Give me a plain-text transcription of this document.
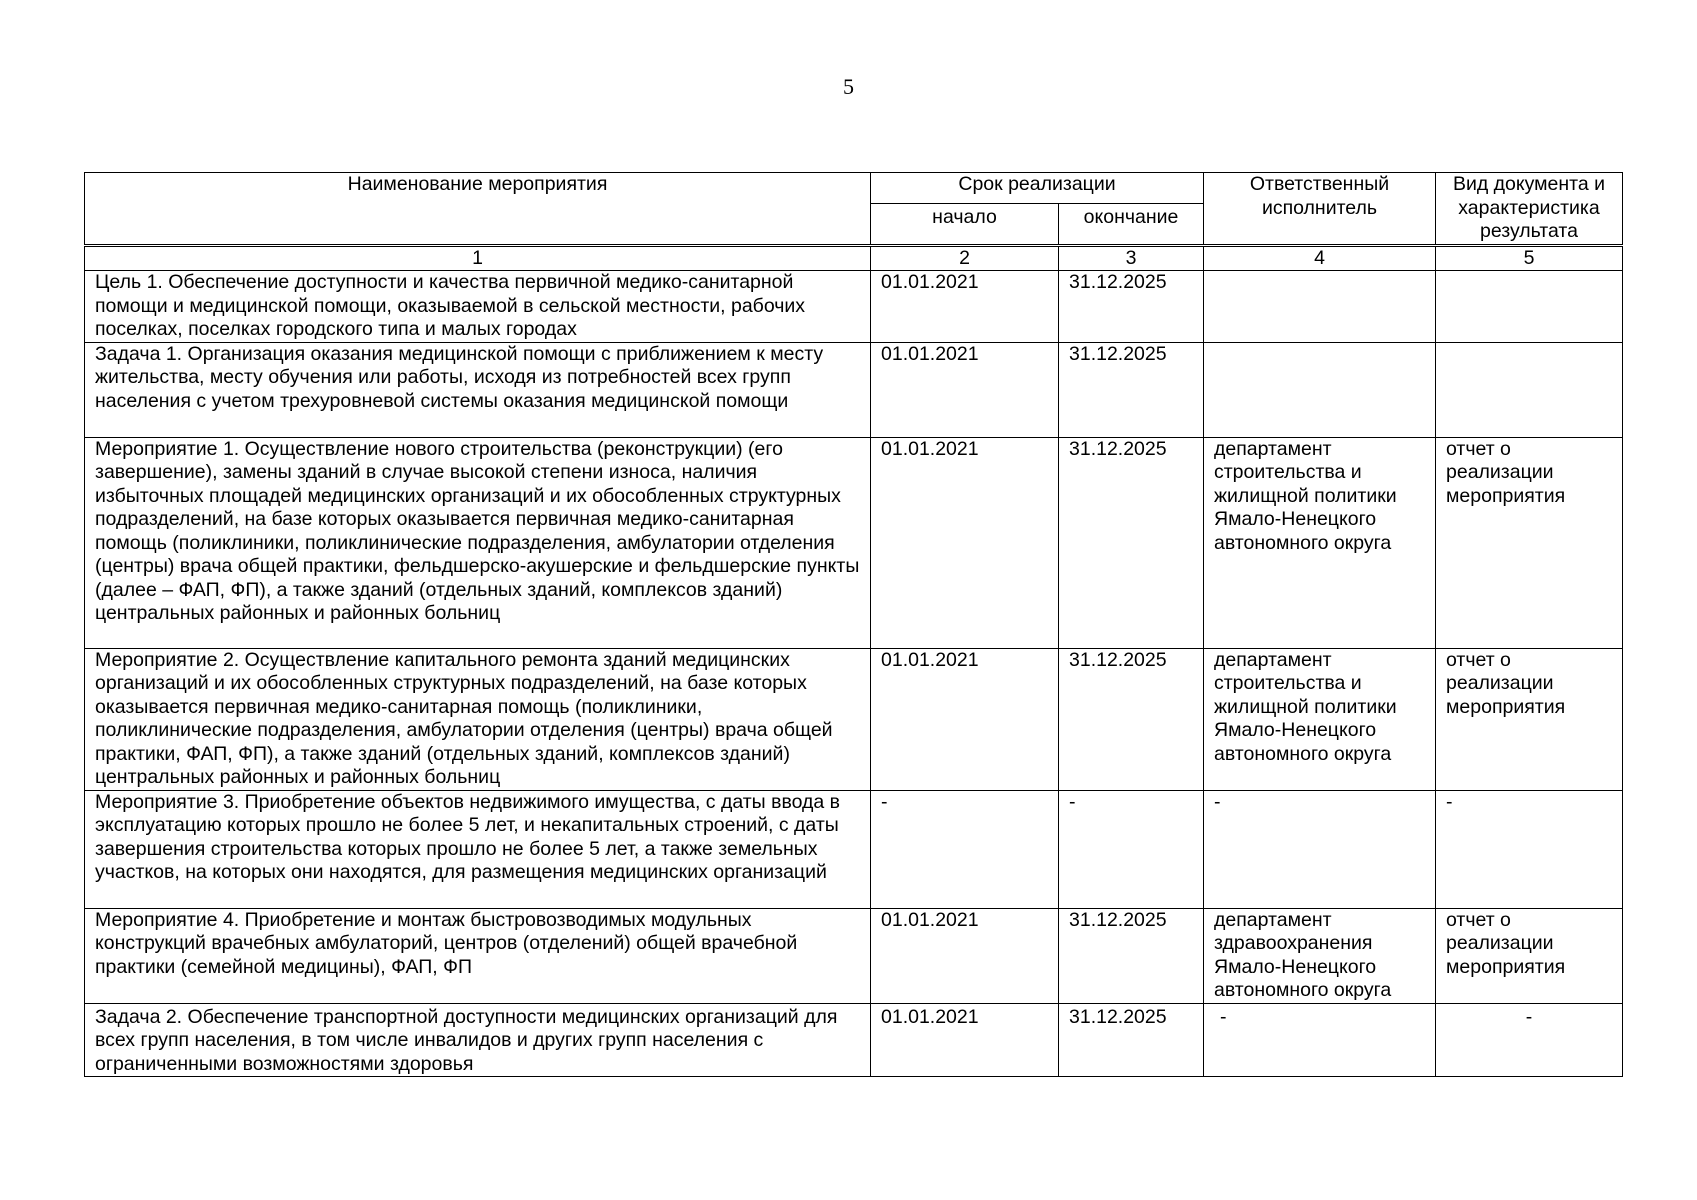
5
Наименование мероприятия	Срок реализации		Ответственный исполнитель	Вид документа и характеристика результата
	начало	окончание		
1	2	3	4	5
Цель 1. Обеспечение доступности и качества первичной медико-санитарной помощи и медицинской помощи, оказываемой в сельской местности, рабочих поселках, поселках городского типа и малых городах	01.01.2021	31.12.2025		
Задача 1. Организация оказания медицинской помощи с приближением к месту жительства, месту обучения или работы, исходя из потребностей всех групп населения с учетом трехуровневой системы оказания медицинской помощи	01.01.2021	31.12.2025		
Мероприятие 1. Осуществление нового строительства (реконструкции) (его завершение), замены зданий в случае высокой степени износа, наличия избыточных площадей медицинских организаций и их обособленных структурных подразделений, на базе которых оказывается первичная медико-санитарная помощь (поликлиники, поликлинические подразделения, амбулатории отделения (центры) врача общей практики, фельдшерско-акушерские и фельдшерские пункты (далее – ФАП, ФП), а также зданий (отдельных зданий, комплексов зданий) центральных районных и районных больниц	01.01.2021	31.12.2025	департамент строительства и жилищной политики Ямало-Ненецкого автономного округа	отчет о реализации мероприятия
Мероприятие 2. Осуществление капитального ремонта зданий медицинских организаций и их обособленных структурных подразделений, на базе которых оказывается первичная медико-санитарная помощь (поликлиники, поликлинические подразделения, амбулатории отделения (центры) врача общей практики, ФАП, ФП), а также зданий (отдельных зданий, комплексов зданий) центральных районных и районных больниц	01.01.2021	31.12.2025	департамент строительства и жилищной политики Ямало-Ненецкого автономного округа	отчет о реализации мероприятия
Мероприятие 3. Приобретение объектов недвижимого имущества, с даты ввода в эксплуатацию которых прошло не более 5 лет, и некапитальных строений, с даты завершения строительства которых прошло не более 5 лет, а также земельных участков, на которых они находятся, для размещения медицинских организаций	-	-	-	-
Мероприятие 4. Приобретение и монтаж быстровозводимых модульных конструкций врачебных амбулаторий, центров (отделений) общей врачебной практики (семейной медицины), ФАП, ФП	01.01.2021	31.12.2025	департамент здравоохранения Ямало-Ненецкого автономного округа	отчет о реализации мероприятия
Задача 2. Обеспечение транспортной доступности медицинских организаций для всех групп населения, в том числе инвалидов и других групп населения с ограниченными возможностями здоровья	01.01.2021	31.12.2025	-	-
